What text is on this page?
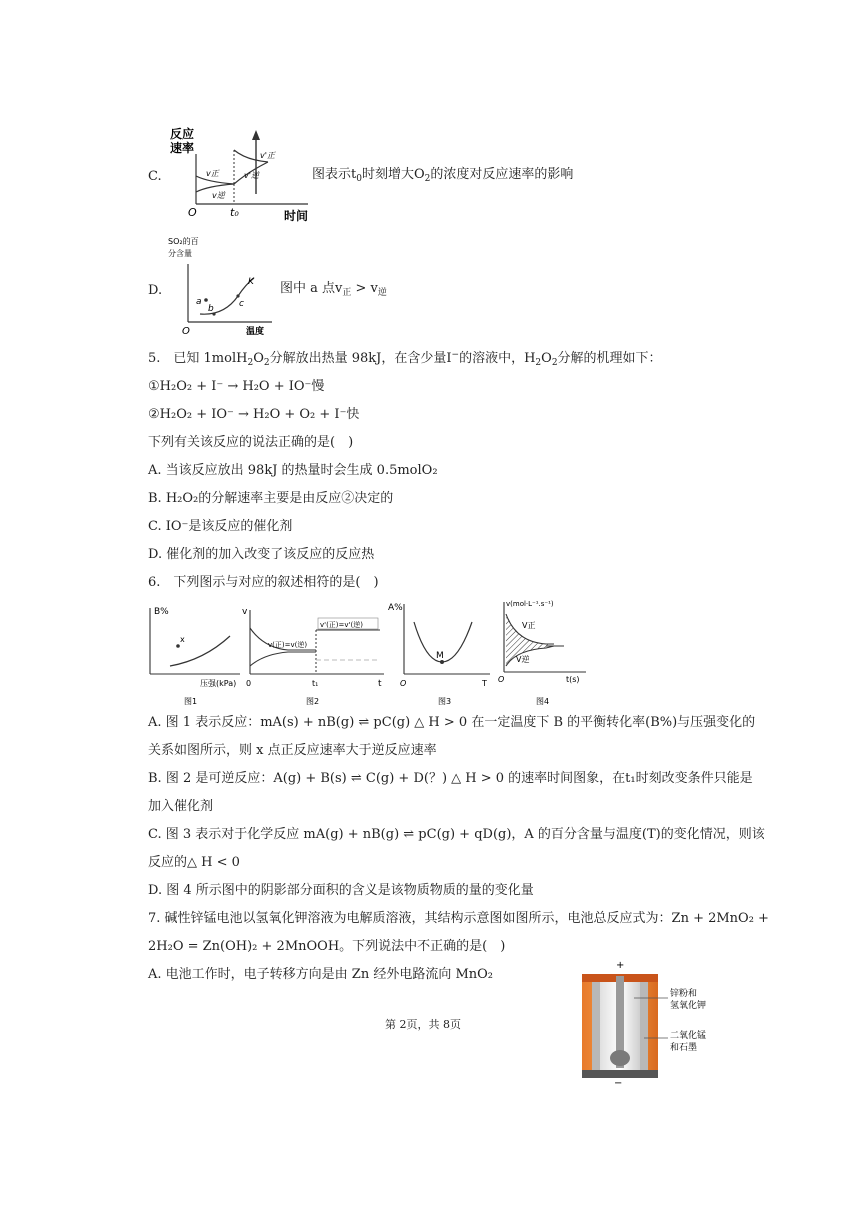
C.
反应
速率
v正
v逆
v'正
v'逆
O	t₀	时间
图表示$t_0$时刻增大$O_2$的浓度对反应速率的影响
D.
SO₂的百
分含量
a
b	c
K
O	温度
图中 a 点$v_正 > v_逆$
5.　已知 $1molH_2O_2$分解放出热量 98kJ，在含少量I−的溶液中，$H_2O_2$分解的机理如下：
①H₂O₂ + I⁻ → H₂O + IO⁻慢
②H₂O₂ + IO⁻ → H₂O + O₂ + I⁻快
下列有关该反应的说法正确的是(　)
A. 当该反应放出 98kJ 的热量时会生成 0.5molO₂
B. H₂O₂的分解速率主要是由反应②决定的
C. IO⁻是该反应的催化剂
D. 催化剂的加入改变了该反应的反应热
6.　下列图示与对应的叙述相符的是(　)
B%
x
压强(kPa)
图1
v
v'(正)=v'(逆)
v(正)=v(逆)
0	t₁	t
图2
A%
M
O	T
图3
v(mol·L⁻¹.s⁻¹)
V正
V逆
O	t(s)
图4
A. 图 1 表示反应：mA(s) + nB(g) ⇌ pC(g) △ H > 0 在一定温度下 B 的平衡转化率(B%)与压强变化的
关系如图所示，则 x 点正反应速率大于逆反应速率
B. 图 2 是可逆反应：A(g) + B(s) ⇌ C(g) + D(？) △ H > 0 的速率时间图象，在t₁时刻改变条件只能是
加入催化剂
C. 图 3 表示对于化学反应 mA(g) + nB(g) ⇌ pC(g) + qD(g)，A 的百分含量与温度(T)的变化情况，则该
反应的△ H < 0
D. 图 4 所示图中的阴影部分面积的含义是该物质物质的量的变化量
7. 碱性锌锰电池以氢氧化钾溶液为电解质溶液，其结构示意图如图所示，电池总反应式为：Zn + 2MnO₂ +
2H₂O = Zn(OH)₂ + 2MnOOH。下列说法中不正确的是(　)
A. 电池工作时，电子转移方向是由 Zn 经外电路流向 MnO₂
+
−
锌粉和
氢氧化钾
二氧化锰
和石墨
第 2页，共 8页
